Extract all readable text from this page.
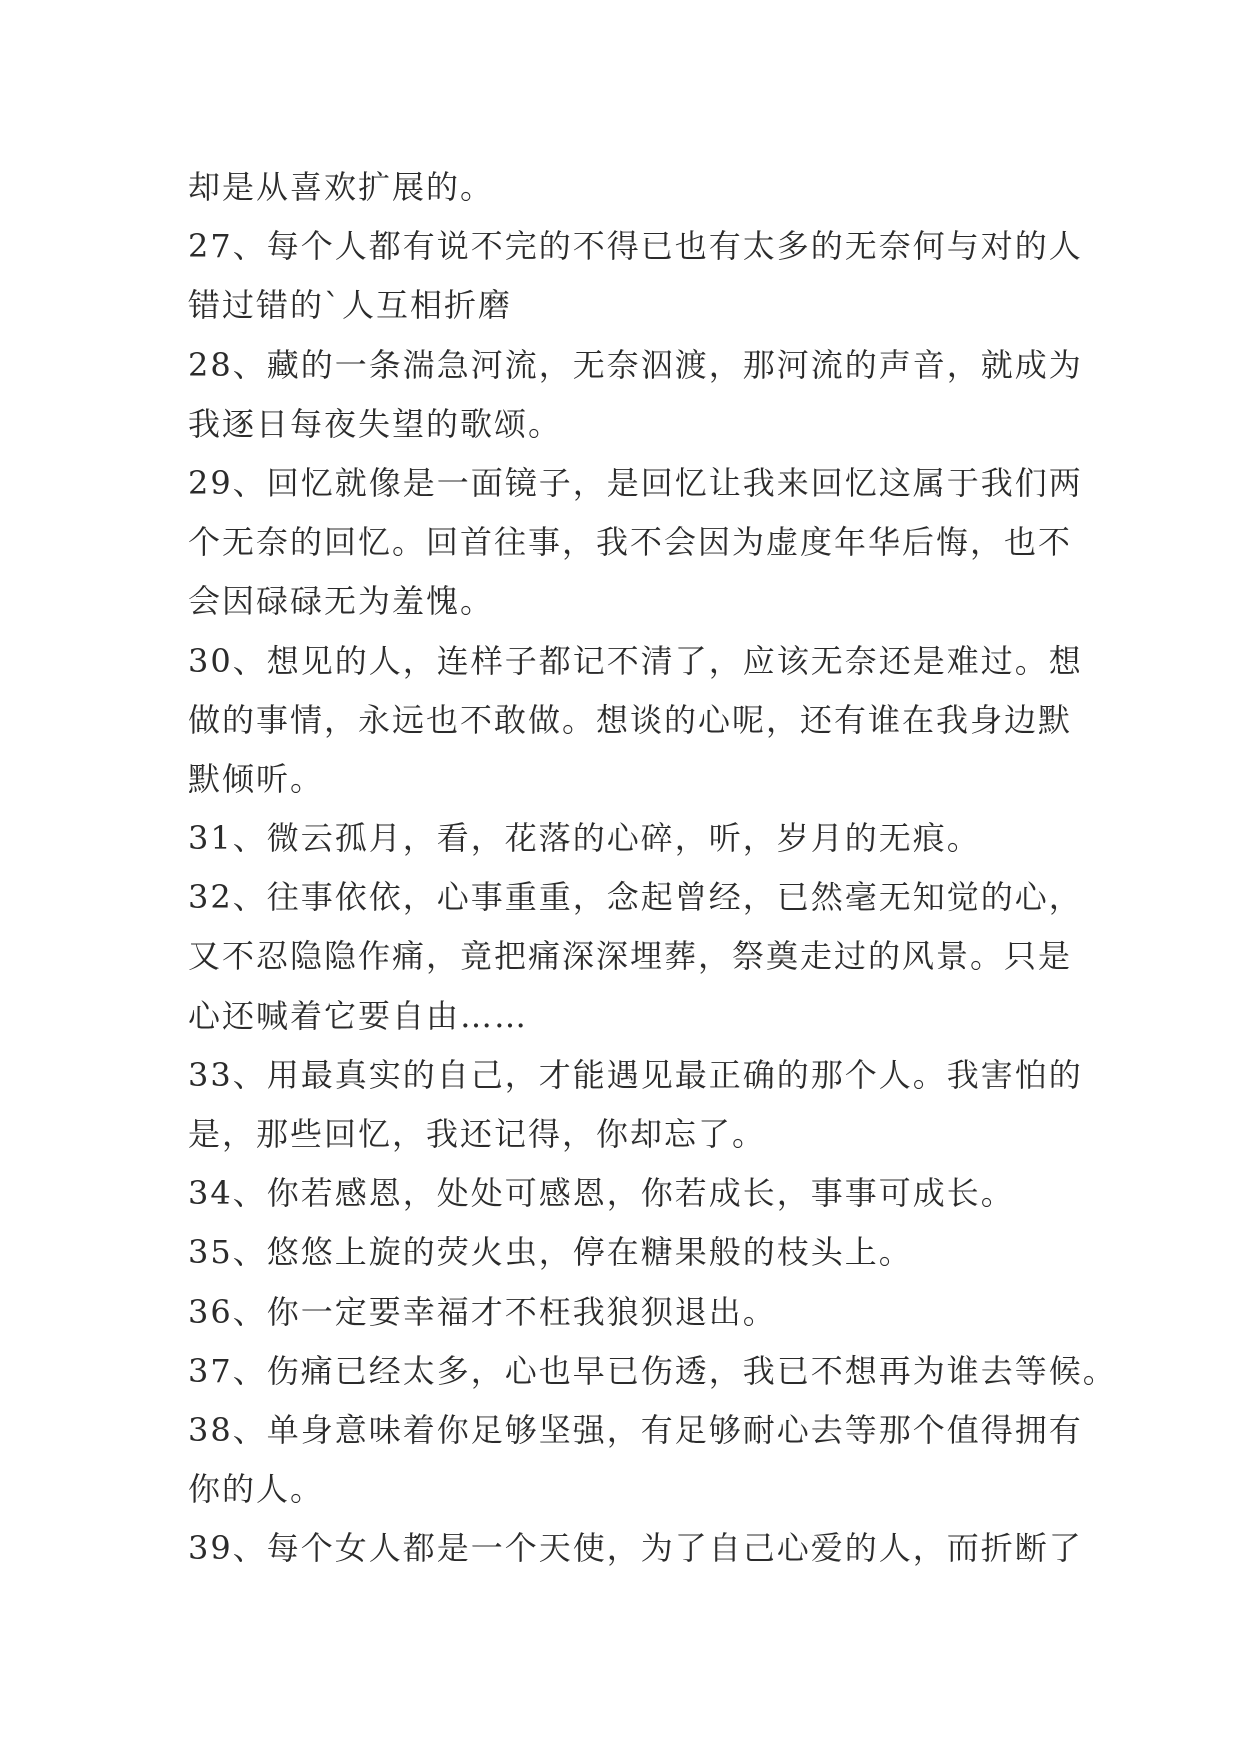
却是从喜欢扩展的。
27、每个人都有说不完的不得已也有太多的无奈何与对的人
错过错的`人互相折磨
28、藏的一条湍急河流，无奈泅渡，那河流的声音，就成为
我逐日每夜失望的歌颂。
29、回忆就像是一面镜子，是回忆让我来回忆这属于我们两
个无奈的回忆。回首往事，我不会因为虚度年华后悔，也不
会因碌碌无为羞愧。
30、想见的人，连样子都记不清了，应该无奈还是难过。想
做的事情，永远也不敢做。想谈的心呢，还有谁在我身边默
默倾听。
31、微云孤月，看，花落的心碎，听，岁月的无痕。
32、往事依依，心事重重，念起曾经，已然毫无知觉的心，
又不忍隐隐作痛，竟把痛深深埋葬，祭奠走过的风景。只是
心还喊着它要自由……
33、用最真实的自己，才能遇见最正确的那个人。我害怕的
是，那些回忆，我还记得，你却忘了。
34、你若感恩，处处可感恩，你若成长，事事可成长。
35、悠悠上旋的荧火虫，停在糖果般的枝头上。
36、你一定要幸福才不枉我狼狈退出。
37、伤痛已经太多，心也早已伤透，我已不想再为谁去等候。
38、单身意味着你足够坚强，有足够耐心去等那个值得拥有
你的人。
39、每个女人都是一个天使，为了自己心爱的人，而折断了
